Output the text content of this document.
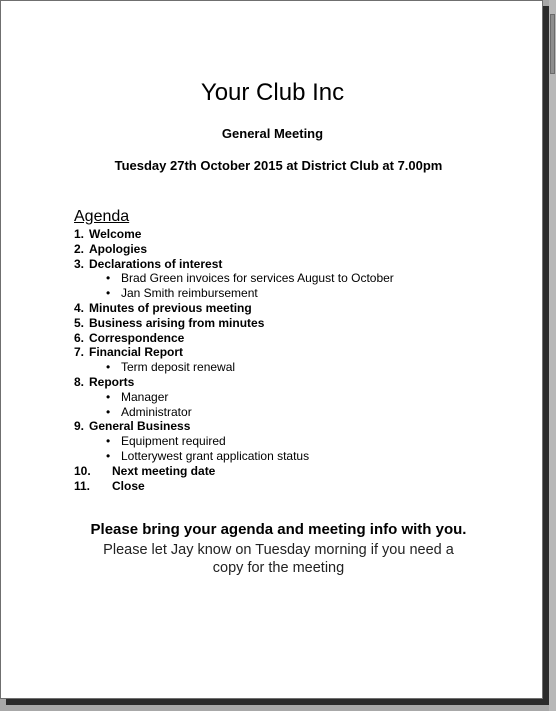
Your Club Inc
General Meeting
Tuesday 27th October 2015 at District Club at 7.00pm
Agenda
1. Welcome
2. Apologies
3. Declarations of interest
• Brad Green invoices for services August to October
• Jan Smith reimbursement
4. Minutes of previous meeting
5. Business arising from minutes
6. Correspondence
7. Financial Report
• Term deposit renewal
8. Reports
• Manager
• Administrator
9. General Business
• Equipment required
• Lotterywest grant application status
10. Next meeting date
11. Close
Please bring your agenda and meeting info with you.
Please let Jay know on Tuesday morning if you need a
copy for the meeting
